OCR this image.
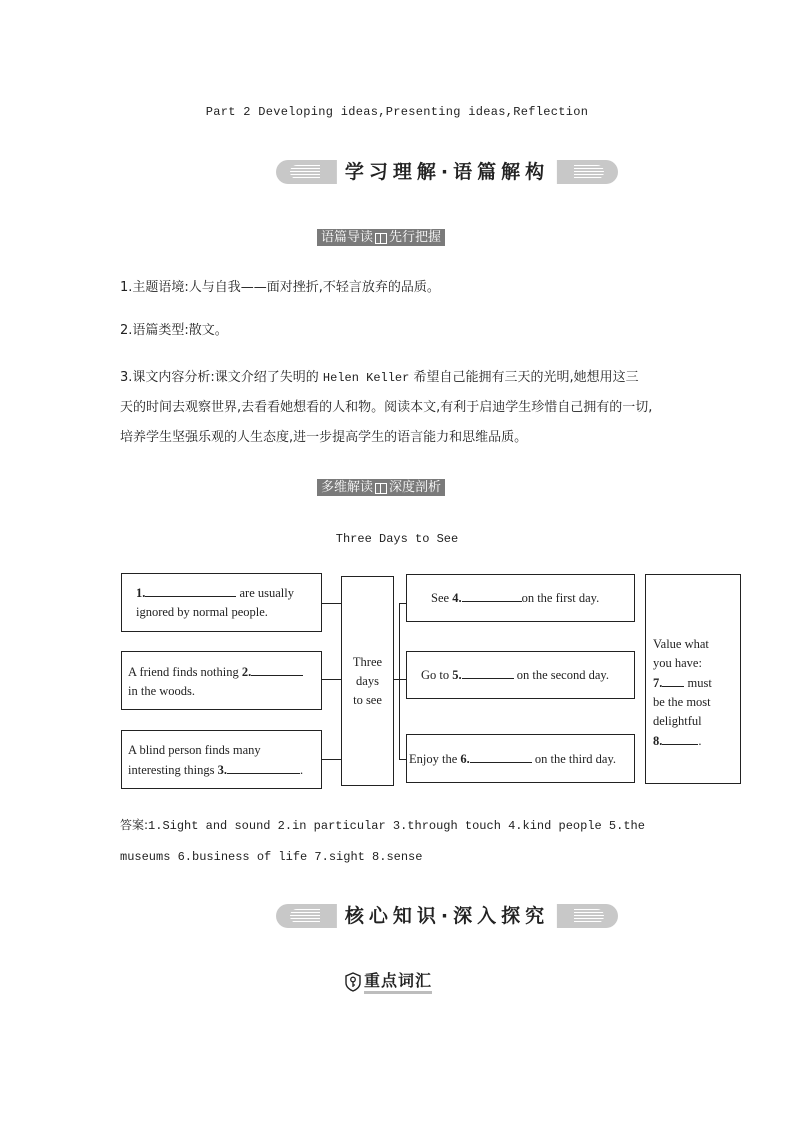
Part 2 Developing ideas,Presenting ideas,Reflection
学习理解·语篇解构
语篇导读 先行把握
1.主题语境:人与自我——面对挫折,不轻言放弃的品质。
2.语篇类型:散文。
3.课文内容分析:课文介绍了失明的 Helen Keller 希望自己能拥有三天的光明,她想用这三
天的时间去观察世界,去看看她想看的人和物。阅读本文,有利于启迪学生珍惜自己拥有的一切,
培养学生坚强乐观的人生态度,进一步提高学生的语言能力和思维品质。
多维解读 深度剖析
Three Days to See
1.	are usually
ignored by normal people.
A friend finds nothing 2.
in the woods.
A blind person finds many
interesting things 3.	.
Three
days
to see
See 4.	on the first day.
Go to 5.	on the second day.
Enjoy the 6.	on the third day.
Value what
you have:
7. must
be the most
delightful
8.	.
答案:1.Sight and sound 2.in particular 3.through touch 4.kind people 5.the
museums 6.business of life 7.sight 8.sense
核心知识·深入探究
重点词汇
